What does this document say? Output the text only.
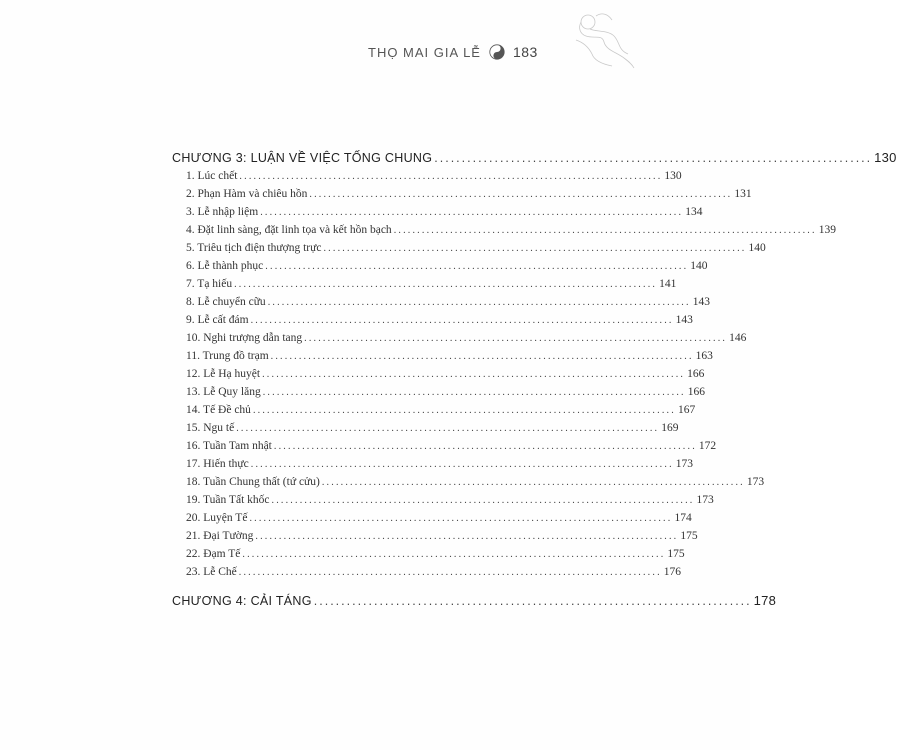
THỌ MAI GIA LỄ 183
CHƯƠNG 3: LUẬN VỀ VIỆC TỐNG CHUNG ................................................................................ 130
1. Lúc chết .......................................................................................... 130
2. Phạn Hàm và chiêu hồn .......................................................................................... 131
3. Lễ nhập liệm .......................................................................................... 134
4. Đặt linh sàng, đặt linh tọa và kết hồn bạch .......................................................................................... 139
5. Triêu tịch điện thượng trực .......................................................................................... 140
6. Lễ thành phục .......................................................................................... 140
7. Tạ hiếu .......................................................................................... 141
8. Lễ chuyển cữu .......................................................................................... 143
9. Lễ cất đám .......................................................................................... 143
10. Nghi trượng dẫn tang .......................................................................................... 146
11. Trung đồ trạm .......................................................................................... 163
12. Lễ Hạ huyệt .......................................................................................... 166
13. Lễ Quy lăng .......................................................................................... 166
14. Tế Đề chủ .......................................................................................... 167
15. Ngu tế .......................................................................................... 169
16. Tuần Tam nhật .......................................................................................... 172
17. Hiến thực .......................................................................................... 173
18. Tuần Chung thất (tứ cửu) .......................................................................................... 173
19. Tuần Tất khốc .......................................................................................... 173
20. Luyện Tế .......................................................................................... 174
21. Đại Tường .......................................................................................... 175
22. Đạm Tế .......................................................................................... 175
23. Lễ Chế .......................................................................................... 176
CHƯƠNG 4: CẢI TÁNG ................................................................................ 178
